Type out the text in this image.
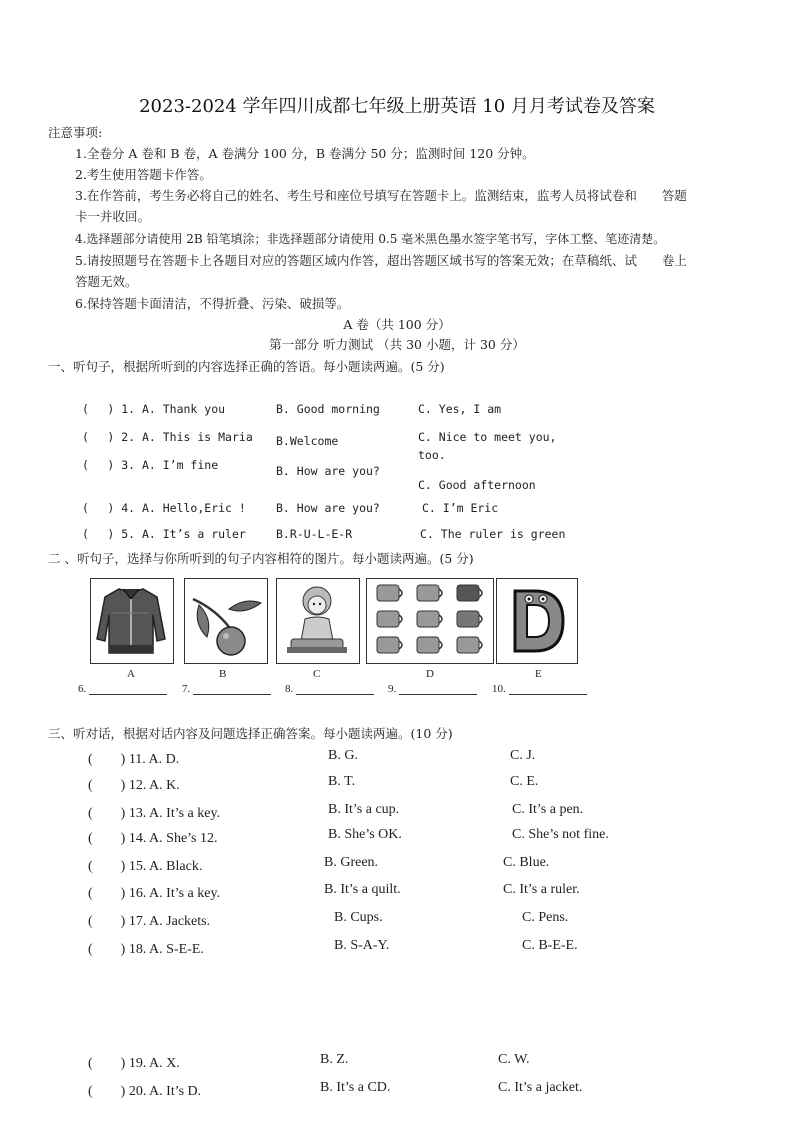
2023-2024 学年四川成都七年级上册英语 10 月月考试卷及答案
注意事项:
1.全卷分 A 卷和 B 卷，A 卷满分 100 分，B 卷满分 50 分；监测时间 120 分钟。
2.考生使用答题卡作答。
3.在作答前，考生务必将自己的姓名、考生号和座位号填写在答题卡上。监测结束，监考人员将试卷和　　答题
卡一并收回。
4.选择题部分请使用 2B 铅笔填涂；非选择题部分请使用 0.5 毫米黑色墨水签字笔书写，字体工整、笔迹清楚。
5.请按照题号在答题卡上各题目对应的答题区域内作答，超出答题区域书写的答案无效；在草稿纸、试　　卷上
答题无效。
6.保持答题卡面清洁，不得折叠、污染、破损等。
A 卷（共 100 分）
第一部分 听力测试 （共 30 小题，计 30 分）
一、听句子，根据所听到的内容选择正确的答语。每小题读两遍。(5 分)
(　 ) 1. A. Thank you	B. Good morning	C. Yes, I am
(　 ) 2. A. This is Maria B.Welcome	C. Nice to meet you,
too.
(　 ) 3. A. I’m fine	B. How are you?
C. Good afternoon
(　 ) 4. A. Hello,Eric !	B. How are you?	C. I’m Eric
(　 ) 5. A. It’s a ruler	B.R-U-L-E-R	C. The ruler is green
二 、听句子，选择与你所听到的句子内容相符的图片。每小题读两遍。(5 分)
A	B	C	D	E
6.	7.	8.	9.	10.
三、听对话，根据对话内容及问题选择正确答案。每小题读两遍。(10 分)
(　　) 11. A. D.	B. G.	C. J.
(　　) 12. A. K.	B. T.	C. E.
(　　) 13. A. It’s a key.	B. It’s a cup.	C. It’s a pen.
(　　) 14. A. She’s 12.	B. She’s OK.	C. She’s not fine.
(　　) 15. A. Black.	B. Green.	C. Blue.
(　　) 16. A. It’s a key.	B. It’s a quilt.	C. It’s a ruler.
(　　) 17. A. Jackets.	B. Cups.	C. Pens.
(　　) 18. A. S-E-E.	B. S-A-Y.	C. B-E-E.
(　　) 19. A. X.	B. Z.	C. W.
(　　) 20. A. It’s D.	B. It’s a CD.	C. It’s a jacket.
